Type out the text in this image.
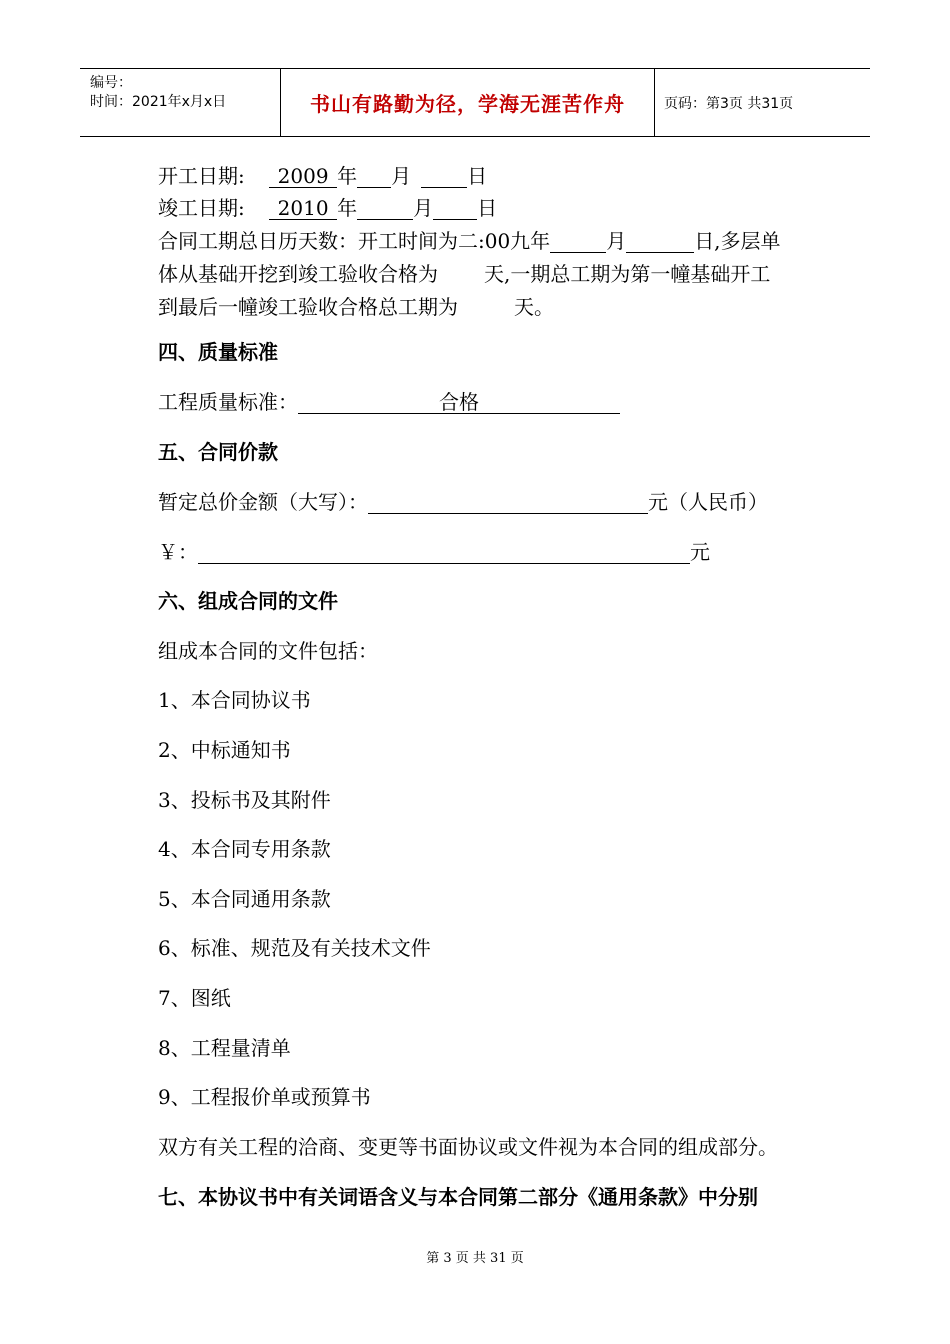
编号：
时间：2021年x月x日	书山有路勤为径，学海无涯苦作舟	页码：第3页 共31页
开工日期: 2009 年 月	日
竣工日期: 2010 年	月 日
合同工期总日历天数：开工时间为二:00九年	月	日,多层单
体从基础开挖到竣工验收合格为 天,一期总工期为第一幢基础开工
到最后一幢竣工验收合格总工期为	天。
四、质量标准
工程质量标准：	合格
五、合同价款
暂定总价金额（大写）：	元（人民币）
￥：	元
六、组成合同的文件
组成本合同的文件包括：
1、本合同协议书
2、中标通知书
3、投标书及其附件
4、本合同专用条款
5、本合同通用条款
6、标准、规范及有关技术文件
7、图纸
8、工程量清单
9、工程报价单或预算书
双方有关工程的洽商、变更等书面协议或文件视为本合同的组成部分。
七、本协议书中有关词语含义与本合同第二部分《通用条款》中分别
第 3 页 共 31 页
